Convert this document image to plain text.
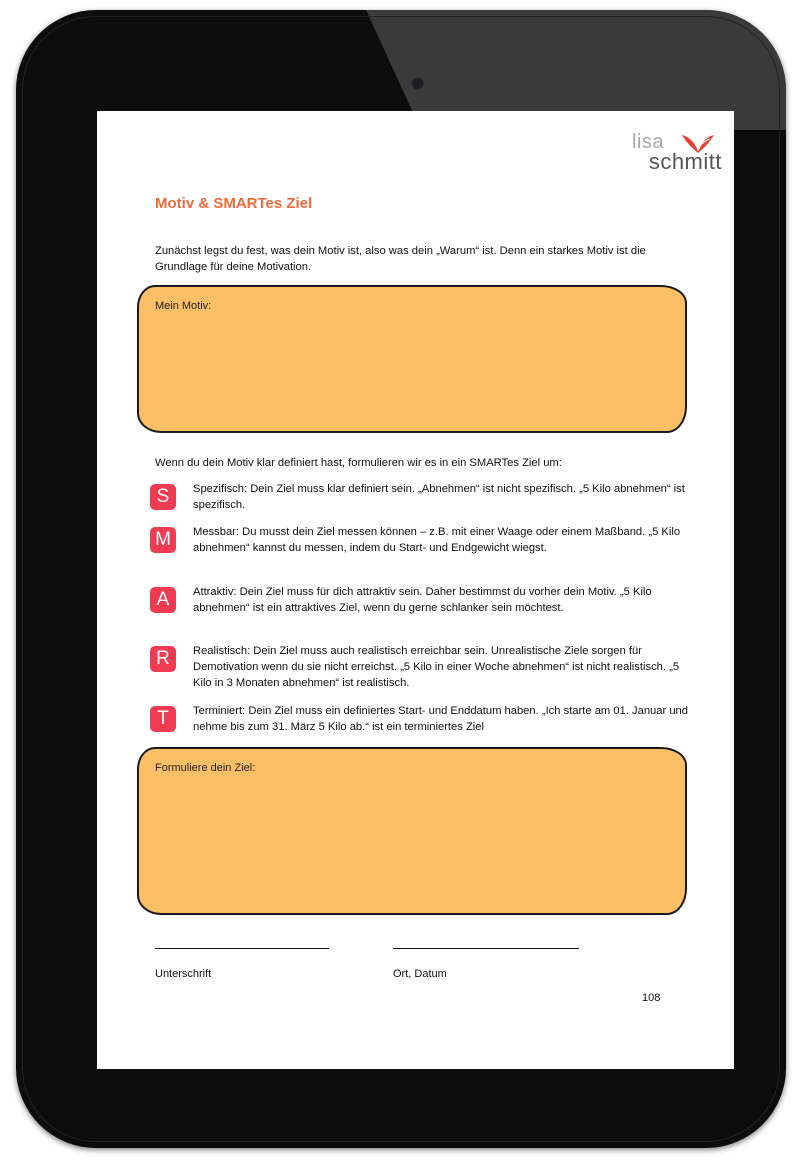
lisa
schmitt
Motiv & SMARTes Ziel
Zunächst legst du fest, was dein Motiv ist, also was dein „Warum“ ist. Denn ein starkes Motiv ist die Grundlage für deine Motivation.
Mein Motiv:
Wenn du dein Motiv klar definiert hast, formulieren wir es in ein SMARTes Ziel um:
S	Spezifisch: Dein Ziel muss klar definiert sein. „Abnehmen“ ist nicht spezifisch. „5 Kilo abnehmen“ ist spezifisch.
M	Messbar: Du musst dein Ziel messen können – z.B. mit einer Waage oder einem Maßband. „5 Kilo abnehmen“ kannst du messen, indem du Start- und Endgewicht wiegst.
A	Attraktiv: Dein Ziel muss für dich attraktiv sein. Daher bestimmst du vorher dein Motiv. „5 Kilo abnehmen“ ist ein attraktives Ziel, wenn du gerne schlanker sein möchtest.
R	Realistisch: Dein Ziel muss auch realistisch erreichbar sein. Unrealistische Ziele sorgen für Demotivation wenn du sie nicht erreichst. „5 Kilo in einer Woche abnehmen“ ist nicht realistisch. „5 Kilo in 3 Monaten abnehmen“ ist realistisch.
T	Terminiert: Dein Ziel muss ein definiertes Start- und Enddatum haben. „Ich starte am 01. Januar und nehme bis zum 31. März 5 Kilo ab.“ ist ein terminiertes Ziel
Formuliere dein Ziel:
Unterschrift	Ort, Datum
108
